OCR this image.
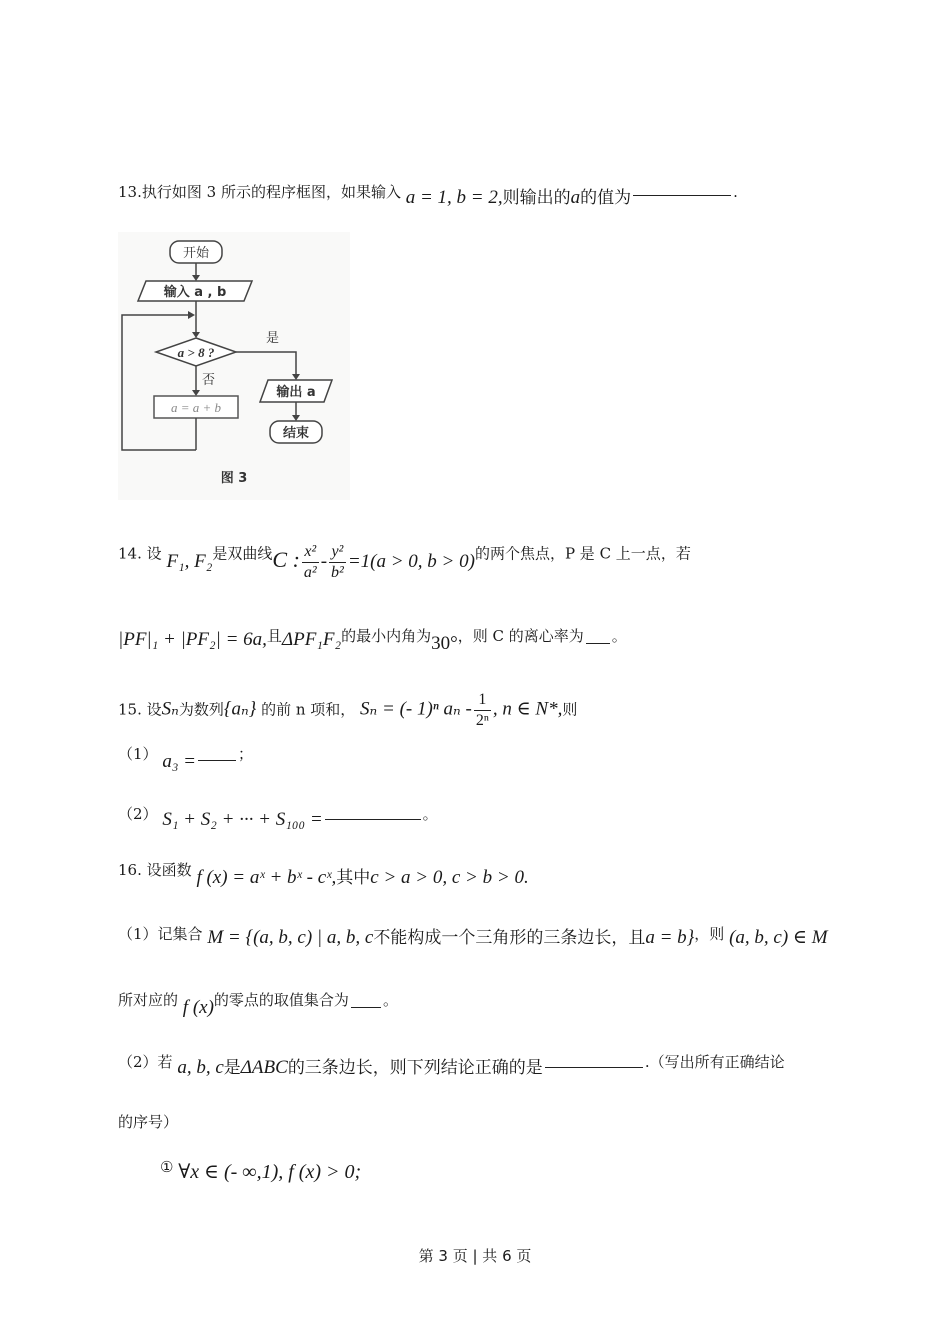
13.执行如图 3 所示的程序框图，如果输入 a = 1, b = 2,则输出的a的值为	.
开始
输入 a , b
a > 8 ?
是
否
a = a + b
输出 a
结束
图 3
14. 设 F₁, F₂是双曲线C : $\frac{\text{x²}}{\text{a²}} - \frac{\text{y²}}{\text{b²}} =1(a > 0$, b > 0)的两个焦点，P 是 C 上一点，若
|PF|₁ + |PF₂| = 6a,且ΔPF₁F₂的最小内角为30°，则 C 的离心率为 。
15. 设Sₙ为数列{aₙ} 的前 n 项和， Sₙ = (- 1)ⁿ aₙ - $\frac{1}{\text{2ⁿ}}$ , n ∈ N*,则
（1） a₃ =	；
（2） S₁ + S₂ + ··· + S₁₀₀ =	。
16. 设函数 f (x) = aˣ + bˣ - cˣ,其中c > a > 0, c > b > 0.
（1）记集合 M = {(a, b, c) | a, b, c不能构成一个三角形的三条边长，且a = b}，则 (a, b, c) ∈ M
所对应的 f (x)的零点的取值集合为 。
（2）若 a, b, c是ΔABC的三条边长，则下列结论正确的是	.（写出所有正确结论
的序号）
① ∀x ∈ (- ∞,1), f (x) > 0;
第 3 页 | 共 6 页
